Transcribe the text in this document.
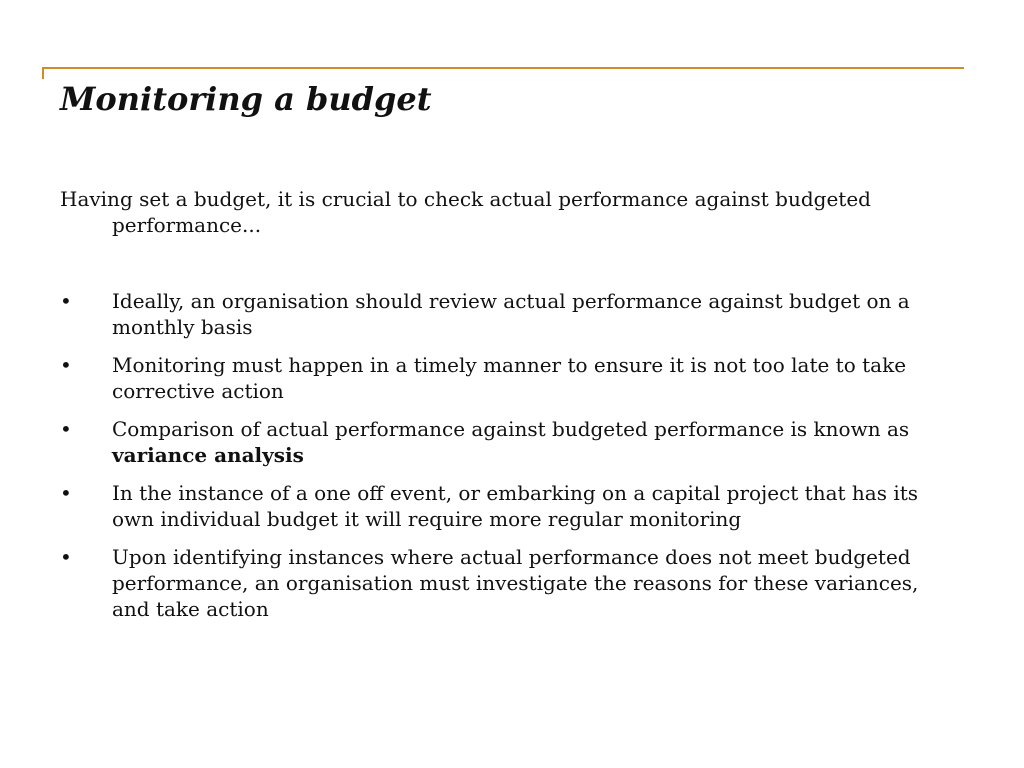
Monitoring a budget

Having set a budget, it is crucial to check actual performance against budgeted performance...

• Ideally, an organisation should review actual performance against budget on a monthly basis
• Monitoring must happen in a timely manner to ensure it is not too late to take corrective action
• Comparison of actual performance against budgeted performance is known as variance analysis
• In the instance of a one off event, or embarking on a capital project that has its own individual budget it will require more regular monitoring
• Upon identifying instances where actual performance does not meet budgeted performance, an organisation must investigate the reasons for these variances, and take action
